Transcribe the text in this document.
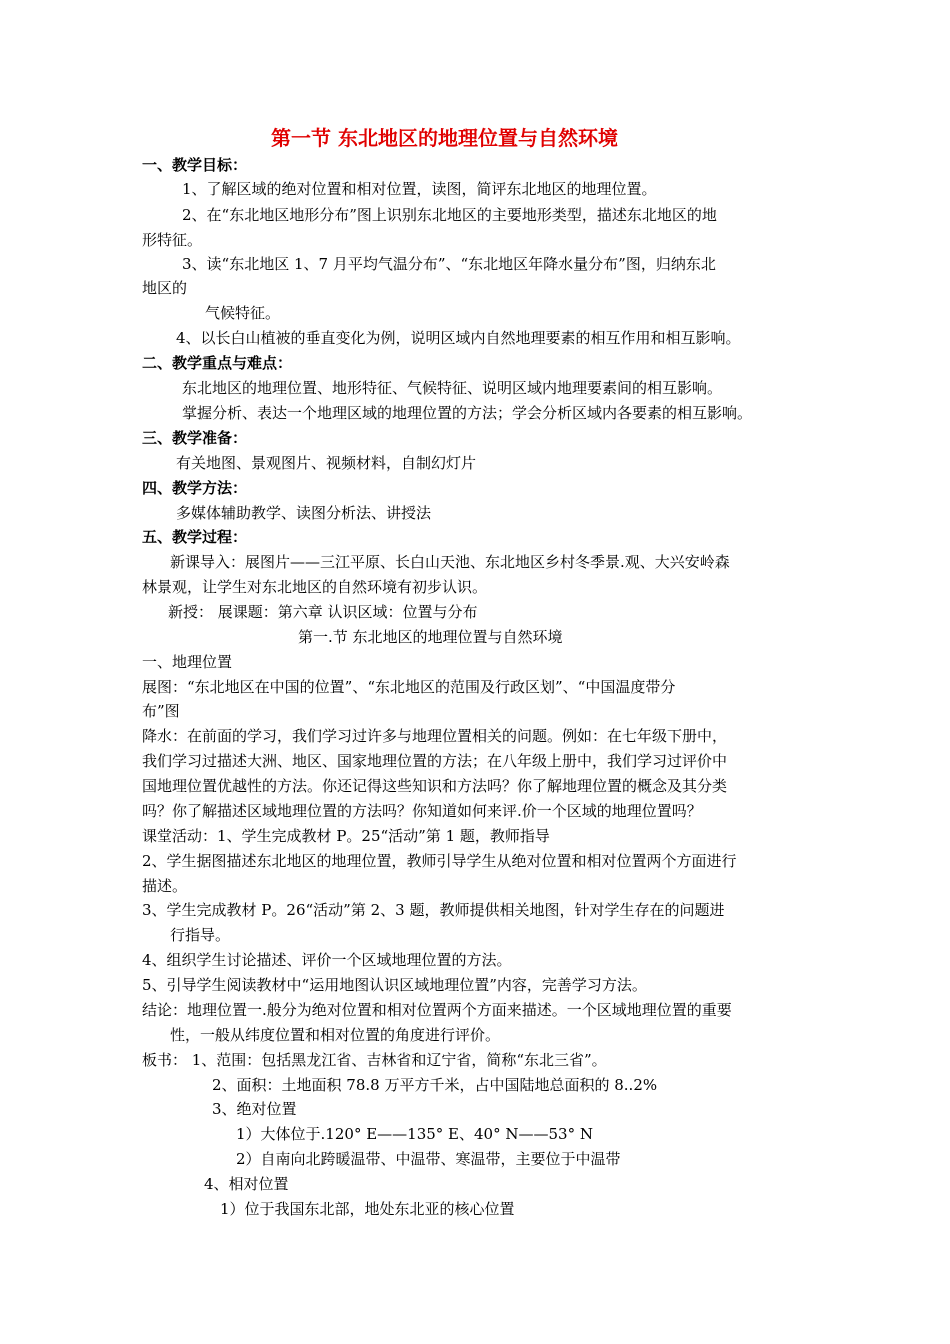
第一节 东北地区的地理位置与自然环境
一、教学目标：
1、了解区域的绝对位置和相对位置，读图，简评东北地区的地理位置。
2、在“东北地区地形分布”图上识别东北地区的主要地形类型，描述东北地区的地
形特征。
3、读“东北地区 1、7 月平均气温分布”、“东北地区年降水量分布”图，归纳东北
地区的
气候特征。
4、以长白山植被的垂直变化为例，说明区域内自然地理要素的相互作用和相互影响。
二、教学重点与难点：
东北地区的地理位置、地形特征、气候特征、说明区域内地理要素间的相互影响。
掌握分析、表达一个地理区域的地理位置的方法；学会分析区域内各要素的相互影响。
三、教学准备：
有关地图、景观图片、视频材料，自制幻灯片
四、教学方法：
多媒体辅助教学、读图分析法、讲授法
五、教学过程：
新课导入：展图片——三江平原、长白山天池、东北地区乡村冬季景.观、大兴安岭森
林景观，让学生对东北地区的自然环境有初步认识。
新授： 展课题：第六章 认识区域：位置与分布
第一.节 东北地区的地理位置与自然环境
一、地理位置
展图：“东北地区在中国的位置”、“东北地区的范围及行政区划”、“中国温度带分
布”图
降水：在前面的学习，我们学习过许多与地理位置相关的问题。例如：在七年级下册中，
我们学习过描述大洲、地区、国家地理位置的方法；在八年级上册中，我们学习过评价中
国地理位置优越性的方法。你还记得这些知识和方法吗？你了解地理位置的概念及其分类
吗？你了解描述区域地理位置的方法吗？你知道如何来评.价一个区域的地理位置吗？
课堂活动：1、学生完成教材 P。25“活动”第 1 题，教师指导
2、学生据图描述东北地区的地理位置，教师引导学生从绝对位置和相对位置两个方面进行
描述。
3、学生完成教材 P。26“活动”第 2、3 题，教师提供相关地图，针对学生存在的问题进
行指导。
4、组织学生讨论描述、评价一个区域地理位置的方法。
5、引导学生阅读教材中“运用地图认识区域地理位置”内容，完善学习方法。
结论：地理位置一.般分为绝对位置和相对位置两个方面来描述。一个区域地理位置的重要
性，一般从纬度位置和相对位置的角度进行评价。
板书： 1、范围：包括黑龙江省、吉林省和辽宁省，简称“东北三省”。
2、面积：土地面积 78.8 万平方千米，占中国陆地总面积的 8..2%
3、绝对位置
1）大体位于.120° E——135° E、40° N——53° N
2）自南向北跨暖温带、中温带、寒温带，主要位于中温带
4、相对位置
1）位于我国东北部，地处东北亚的核心位置
